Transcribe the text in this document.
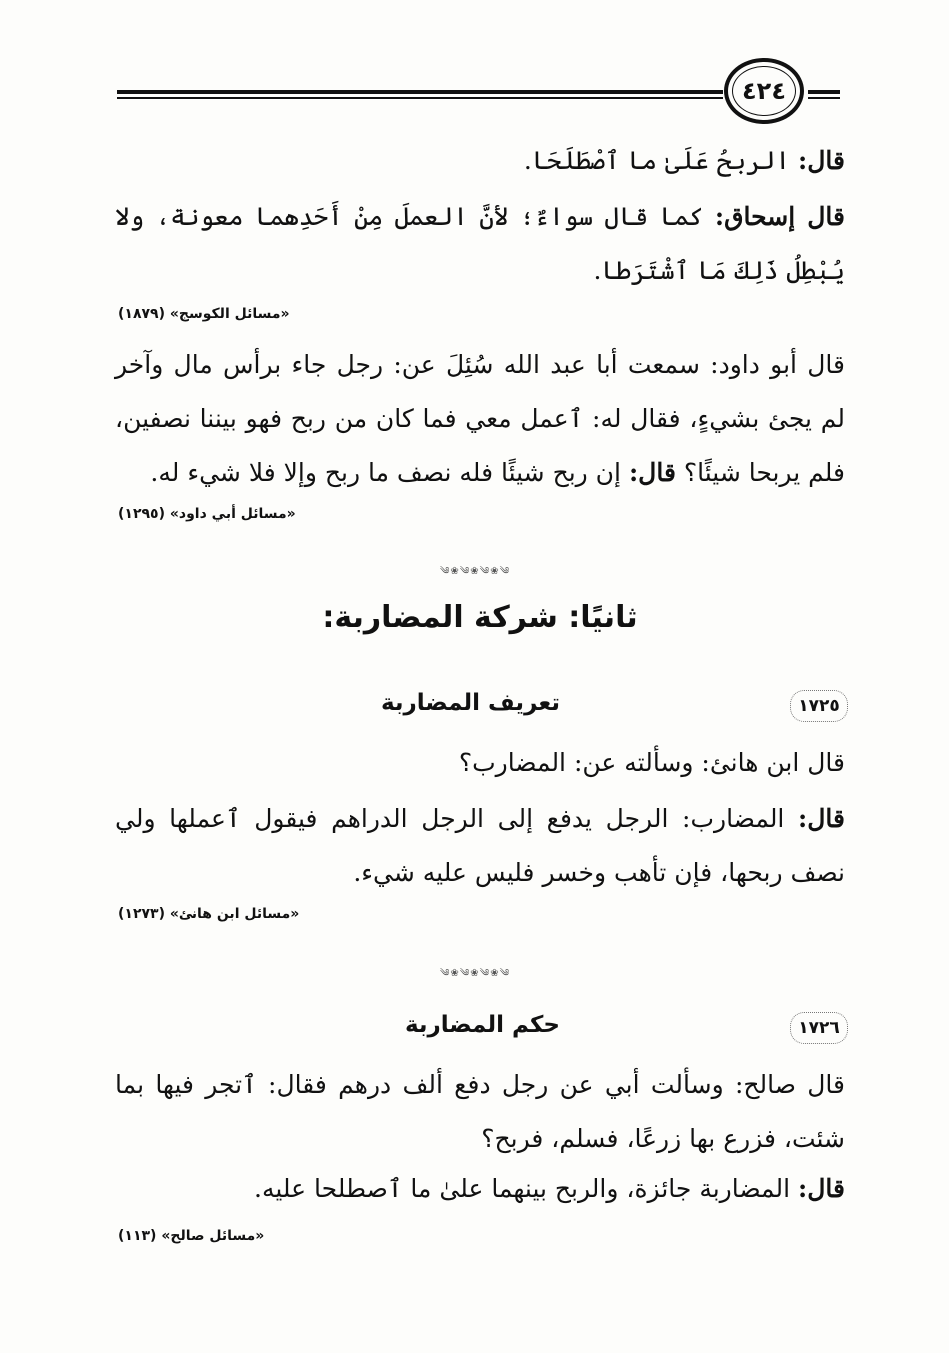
٤٢٤
قال: الربحُ عَلَىٰ ما ٱصْطَلَحَا.
قال إسحاق: كما قال سواءٌ؛ لأنَّ العملَ مِنْ أَحَدِهما معونة، ولا يُبْطِلُ ذَلِكَ مَا ٱشْتَرَطا.
«مسائل الكوسج» (١٨٧٩)
قال أبو داود: سمعت أبا عبد الله سُئِلَ عن: رجل جاء برأس مال وآخر لم يجئ بشيءٍ، فقال له: ٱعمل معي فما كان من ربح فهو بيننا نصفين، فلم يربحا شيئًا؟ قال: إن ربح شيئًا فله نصف ما ربح وإلا فلا شيء له.
«مسائل أبي داود» (١٢٩٥)
༄❀༄❀༄❀༄
ثانيًا: شركة المضاربة:
١٧٢٥
تعريف المضاربة
قال ابن هانئ: وسألته عن: المضارب؟
قال: المضارب: الرجل يدفع إلى الرجل الدراهم فيقول ٱعملها ولي نصف ربحها، فإن تأهب وخسر فليس عليه شيء.
«مسائل ابن هانئ» (١٢٧٣)
༄❀༄❀༄❀༄
١٧٢٦
حكم المضاربة
قال صالح: وسألت أبي عن رجل دفع ألف درهم فقال: ٱتجر فيها بما شئت، فزرع بها زرعًا، فسلم، فربح؟
قال: المضاربة جائزة، والربح بينهما علىٰ ما ٱصطلحا عليه.
«مسائل صالح» (١١٣)
